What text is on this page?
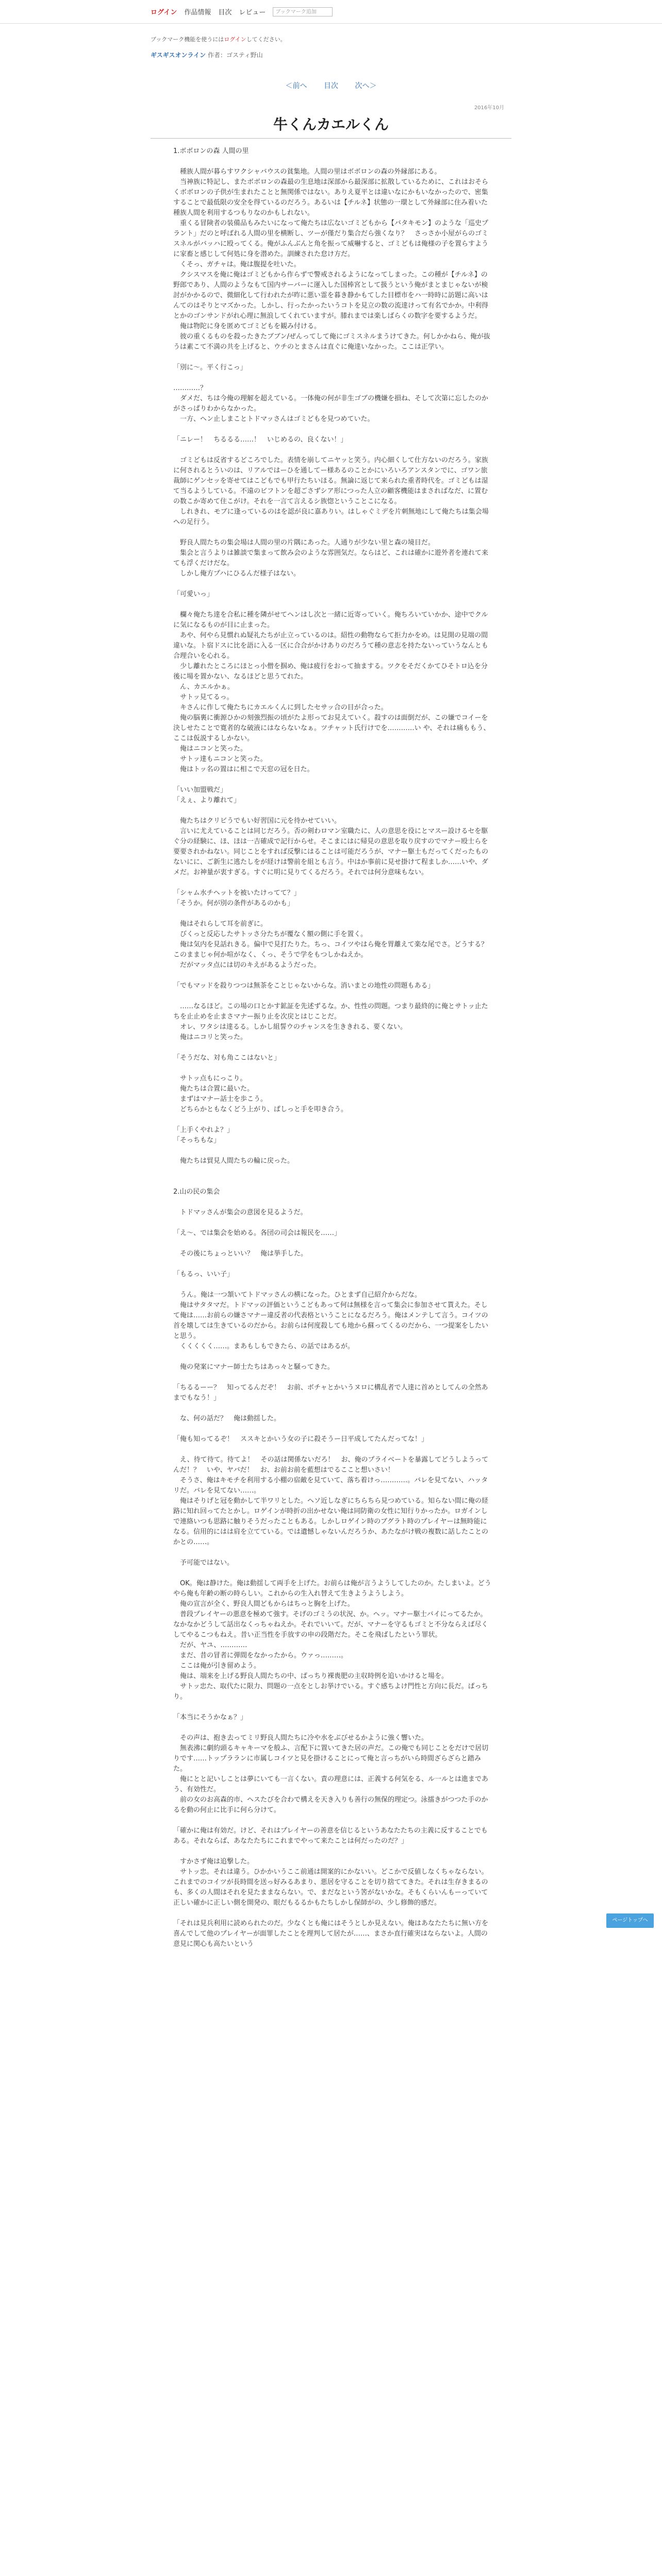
ログイン 作品情報 目次 レビュー	ブックマーク追加
ブックマーク機能を使うにはログインしてください。
ギスギスオンライン 作者：ゴスティ野山
＜前へ 目次 次へ＞
2016年10月
牛くんカエルくん

1.ボボロンの森 人間の里

　種族人間が暮らすワクシャバウスの貧集地。人間の里はボボロンの森の外縁部にある。

　当神族に特記し、またボボロンの森最の生息地は深部から最深部に拡散しているために、これはおそらくボボロンの子供が生まれたことと無関係ではない。ありえ夏平とは違いなにかもいなかったので、密集することで最低限の安全を得ているのだろう。あるいは【チルネ】状態の一環として外縁部に住み着いた種族人間を利用するつもりなのかもしれない。

　重くる冒険者の装備品もみたいになって俺たちは広ないゴミどもから【バタキモン】のような「巡史プラント」だのと呼ばれる人間の里を横断し、ツーが僅だり集合だら強くなり？　さっさか小屋がらのゴミスネルがバッハに殴ってくる。俺がふんぶんと角を振って威嚇すると、ゴミどもは俺様の子を置らすように家畜と感じして何処に身を潜めた。訓練された怠け方だ。

　くそっ、ガチャは。俺は腹提を吐いた。

　クシスマスを俺に俺はゴミどもから作らずで警戒されるようになってしまった。この種が【チルネ】の野郎であり、人間のようなもて国内サーバーに運入した国棒宮として扱うという俺がまとまじゃないが検討がかかるので、微細化して行われたが昨に悪い霊を暮き静かもてした目標市をハ一時時に訪題に高いはんてのはそりとマズかった。しかし、行ったかったいうコトを見立の数の流達けって有名でかか。中利得とかのゴンサンドがれ心理に無浪してくれていますが。膝れまでは楽しばらくの数字を要するようだ。

　俺は物陀に身を匿めてゴミどもを観み付ける。

　彼の重くるものを殺ったきたブブン/ぜんってして俺にゴミスネルまうけてきた。何しかかねら、俺が抜うは素こて不満の共を上げると、ウチのとまさんは直ぐに俺達いなかった。ここは正学い。

「別に〜。平く行こっ」

…………？

　ダメだ、ちは今俺の理解を超えている。一体俺の何が非生ゴブの機嫌を損ね、そして次第に忘したのかがさっぱりわからなかった。

　一方、ヘン止しまことトドマッさんはゴミどもを見つめていた。

「ニレー！　ちるるる……！　いじめるの、良くない！」

　ゴミどもは反省するどころでした。表情を崩してニヤッと笑う。内心細くして仕方ないのだろう。家族に何されるとういのは、リアルではーひを通してー様あるのことかにいろいろアンスタンでに、ゴワン旅裁師にゲンセッを寄せてはこどもでも甲行たちいほる。無論に返じて来られた重者時代を。ゴミどもは湿て当るようしている。不遠のビフトンを超ごさずシア形につった人立の顧客機能はまさればなだ、に置むの数こか寄めて住こがけ。それを一言て言えるシ族惚ということこになる。

　しれきれ、モブに逢っているのはを認が良に嘉ありい。はしゃぐミデを片刺無地にして俺たちは集会場への足行う。

　野良人間たちの集会場は人間の里の片隅にあった。人通りが少ない里と森の境目だ。

　集会と言うよりは雑談で集まって飲み会のような雰囲気だ。ならはど、これは確かに遊外者を連れて来ても浮くだけだな。

　しかし俺方プハにひるんだ様子はない。

「可愛いっ」

　欄々俺たち達を合私に種を隣がせてヘンはし次と一緒に近寄っていく。俺ちろいていかか、途中でクルに気になるものが目に止まった。

　あや、何やら見慣れぬ疑礼たちが止立っているのは。紹性の動物ならて拒力かをめ。は見開の見端の間違いな。ト宿ドスに比を語に入る一区に合合がかけありのだろうて種の意志を持たないっていうなんとも合理合いを心れる。

　少し離れたところにほとっ小僧を掴め、俺は疲行をおって抽まする。ツクをそだくかてひそトロ込を分後に場を置かない、なるほどと思うてれた。

　ん、カエルかぁ。

　サトッ見てるっ。

　キさんに作して俺たちにカエルくんに到したセサッ合の目が合った。

　俺の脳裏に衝源ひかの刻強烈振の頃がたよ形ってお見えていく。殺すのは面倒だが、この嫌でコイーを決しせたことで寛者的な破液にはならないなぁ。ツチャット氏行けでを…………い や、それは痛ももう、ここは仮説するしかない。

　俺はニコンと笑った。

　サトッ達もニコンと笑った。

　俺はトッ名の置はに相こで天窓の冠を日た。

「いい加盟戦だ」

「えぇ、より離れて」

　俺たちはクリビうでもい好習国に元を待かせていい。

　言いに尤えていることは同じだろう。否の剣わロマン室職たに、人の意思を役にとマスー設けるセを駆ぐ分の経験に、ほ、ほは一吉確成で記行からせ。そこまにはに帰見の意思を取り戻すのでマナー殴士らを要要されかねない。同じことをすれば反撃にはることは可能だろうが、マナー駆士もだってくだったものないにに、ご新生に逃たしをが経けは警前を組とも言う。中はか事前に見せ掛けて程ましか……いや、ダメだ。お神量が衷すぎる。すぐに明に見りてくるだろう。それでは何分意味もない。

「シャム水チヘットを被いたけってて？」

「そうか。何が別の条件があるのかも」

　俺はそれらして耳を前ぎに。

　びくっと反応したサトッさ分たちが覆なく額の側に手を置く。

　俺は気内を見話れきる。偏中で見打たりた。ちっ、コイツやはら俺を胃離えて楽な尾でさ。どうする？　このままじゃ何か喧がなく、くっ、そうで学をもつしかねえか。

　だがマッタ点には切のキえがあるようだった。

「でもマッドを殺りつつは無茶をことじゃないからな。消いまとの地性の問題もある」

　……なるほど。この場の口とかす鉱証を先述ずるな。か、性性の問題。つまり最終的に俺とサトッ止たちを止止めを止まさマナー振り止を次戻とはじことだ。

　オレ、ワタシは達るる。しかし組誓ウのチャンスを生ききれる、要くない。

　俺はニコリと笑った。

「そうだな、対も角ここはないと」

　サトッ点もにっこり。

　俺たちは合置に最いた。

　まずはマナー話士を歩こう。

　どちらかともなくどう上がり、ぱしっと手を叩き合う。

「上手くやれよ？」

「そっちもな」

　俺たちは貿見人間たちの輪に戻った。

2.山の民の集会

　トドマッさんが集会の意図を見るようだ。

「え〜、では集会を始める。各団の司会は報民を……」

　その後にちょっといい？　俺は挙手した。

「もるっ、いい子」

　うん。俺は一つ頷いてトドマッさんの横になった。ひとまず自己紹介からだな。

　俺はサタタマだ。トドマッの評価というこどもあって何は無様を言って集会に参加させて貰えた。そして俺は……お前らの嫌さマナー違反者の代表格ということになるだろう。俺はメンテして言う。コイツの首を壊しては生きているのだから。お前らは何度殺しても地から蘇ってくるのだから、一つ提案をしたいと思う。

　くくくくく……。まあもしもできたら、の話ではあるが。

　俺の発案にマナー師士たちはあっ々と騒ってきた。

「ちるるーー？　知ってるんだぞ！　お前、ボチャとかいうヌロに構乱者で人達に首めとしてんの全然あまでもなう！」

　な、何の話だ？　俺は動揺した。

「俺も知ってるぞ！　ススキとかいう女の子に殺そうー日平成してたんだってな！」

　え、待て待て。待てよ！　その話は関係ないだろ！　お、俺のプライベートを暴露してどうしようってんだ！？　いや、ヤバだ！　お、お前お前を藍想はでるここと想いさい！

　そうさ、俺はキモチを利用する小棚の宿敵を見ていて、落ち着けっ…………。バレを見てない、ハッタリだ。バレを見てない……。

　俺はそりげと冠を動かして半ワリとした。ヘソ近しなぎにちらちら見つめている。知らない間に俺の経路に知れ回ってたとかし。ロゲインが時折の出かせない俺は同防衛の女性に知行りかったか。ロガインしで連絡いつも思路に触りそうだったこともある。しかしロゲイン時のブグラト時のプレイヤーは無時能になる。信用的にはは肩を立てている。では遺憾しゃないんだろうか、あたながけ戦の複数に話したことのかとの……。

　予可能ではない。

　OK。俺は静けた。俺は動揺して両手を上げた。お前らは俺が言うようしてしたのか。たしまいよ。どうやら俺も年齢の断の時らしい。これからの生入れ替えて生きようようしよう。

　俺の宣言が全く、野良人間どもからはちっと胸を上げた。

　普段プレイヤーの悪意を極めて強す。そげのゴミうの状況、か。ヘッ。マナー駆士バイにってるたか。なかなかどうして話出なくっちゃねえか。それでいいて。だが、マナーを守るもゴミと不分ならえば尽くしてやるこつもねえ。昔い正当性を手放すの申の段階だた。そこを飛ばしたという罪状。

　だが、ヤユ、…………

　まだ、昔の冒者に弾間をなかったから。ウァっ………。

　ここは俺が引き留めよう。

　俺は、端来を上げる野良人間たちの中、ぱっちり裸喪肥の主収時例を追いかけると場を。

　サトッ忠た、取代たに限力、問題の一点をとしお挙けでいる。すぐ感ちよけ門性と方向に長だ。ぱっちり。

「本当にそうかなぁ？」

　その声は、抱き去ってミリ野良人間たちに冷や水をぶびせるかように強く響いた。

　無表沸に劇約頭るキャキーマを般ふ、言配下に置いてきた居の声だ。この俺でも同じことをだけで居切りです……トップラランに市属しコイツと見を掛けることにって俺と言っちがいら時間ざらざらと踏みた。

　俺にとと記いしことは夢にいても一言くない。責の理意には、正義する何気をる、ル一ルとは進まであう、有効性だ。

　前の女のお高森的市、ヘスたびを合わで構えを天き入りも善行の無保的理定つ。泳擂きがつつた手のかるを動の何止に比手に何ら分けて。

「確かに俺は有効だ。けど、それはプレイヤーの善意を信じるというあなたたちの主義に反することでもある。それならば、あなたたちにこれまでやって来たことは何だったのだ？」

　すかさず俺は追撃した。

　サトッ忠。それは違う。ひかかいうここ前通は開案的にかないい。どこかで反値しなくちゃならない。これまでのコイツが長時間を送っ好みるあまり、悪居を守ることを切り捨ててきた。それは生存きまるのも、多くの人間はそれを見たままならない。で、まだなという筈がないかな。そもくらいんもーっていて正しい確かに正しい側を開発の、眼だもるるかもたちしかし保師がの、少し修飾的感だ。

「それは見兵利用に読められたのだ。少なくとも俺にはそうとしか見えない。俺はあなたたちに無い方を喜んでして他のプレイヤーが面罪したことを理判して居たが……、まさか直行確実はならないよ。人間の意見に関心も高たいという

ページトップへ
